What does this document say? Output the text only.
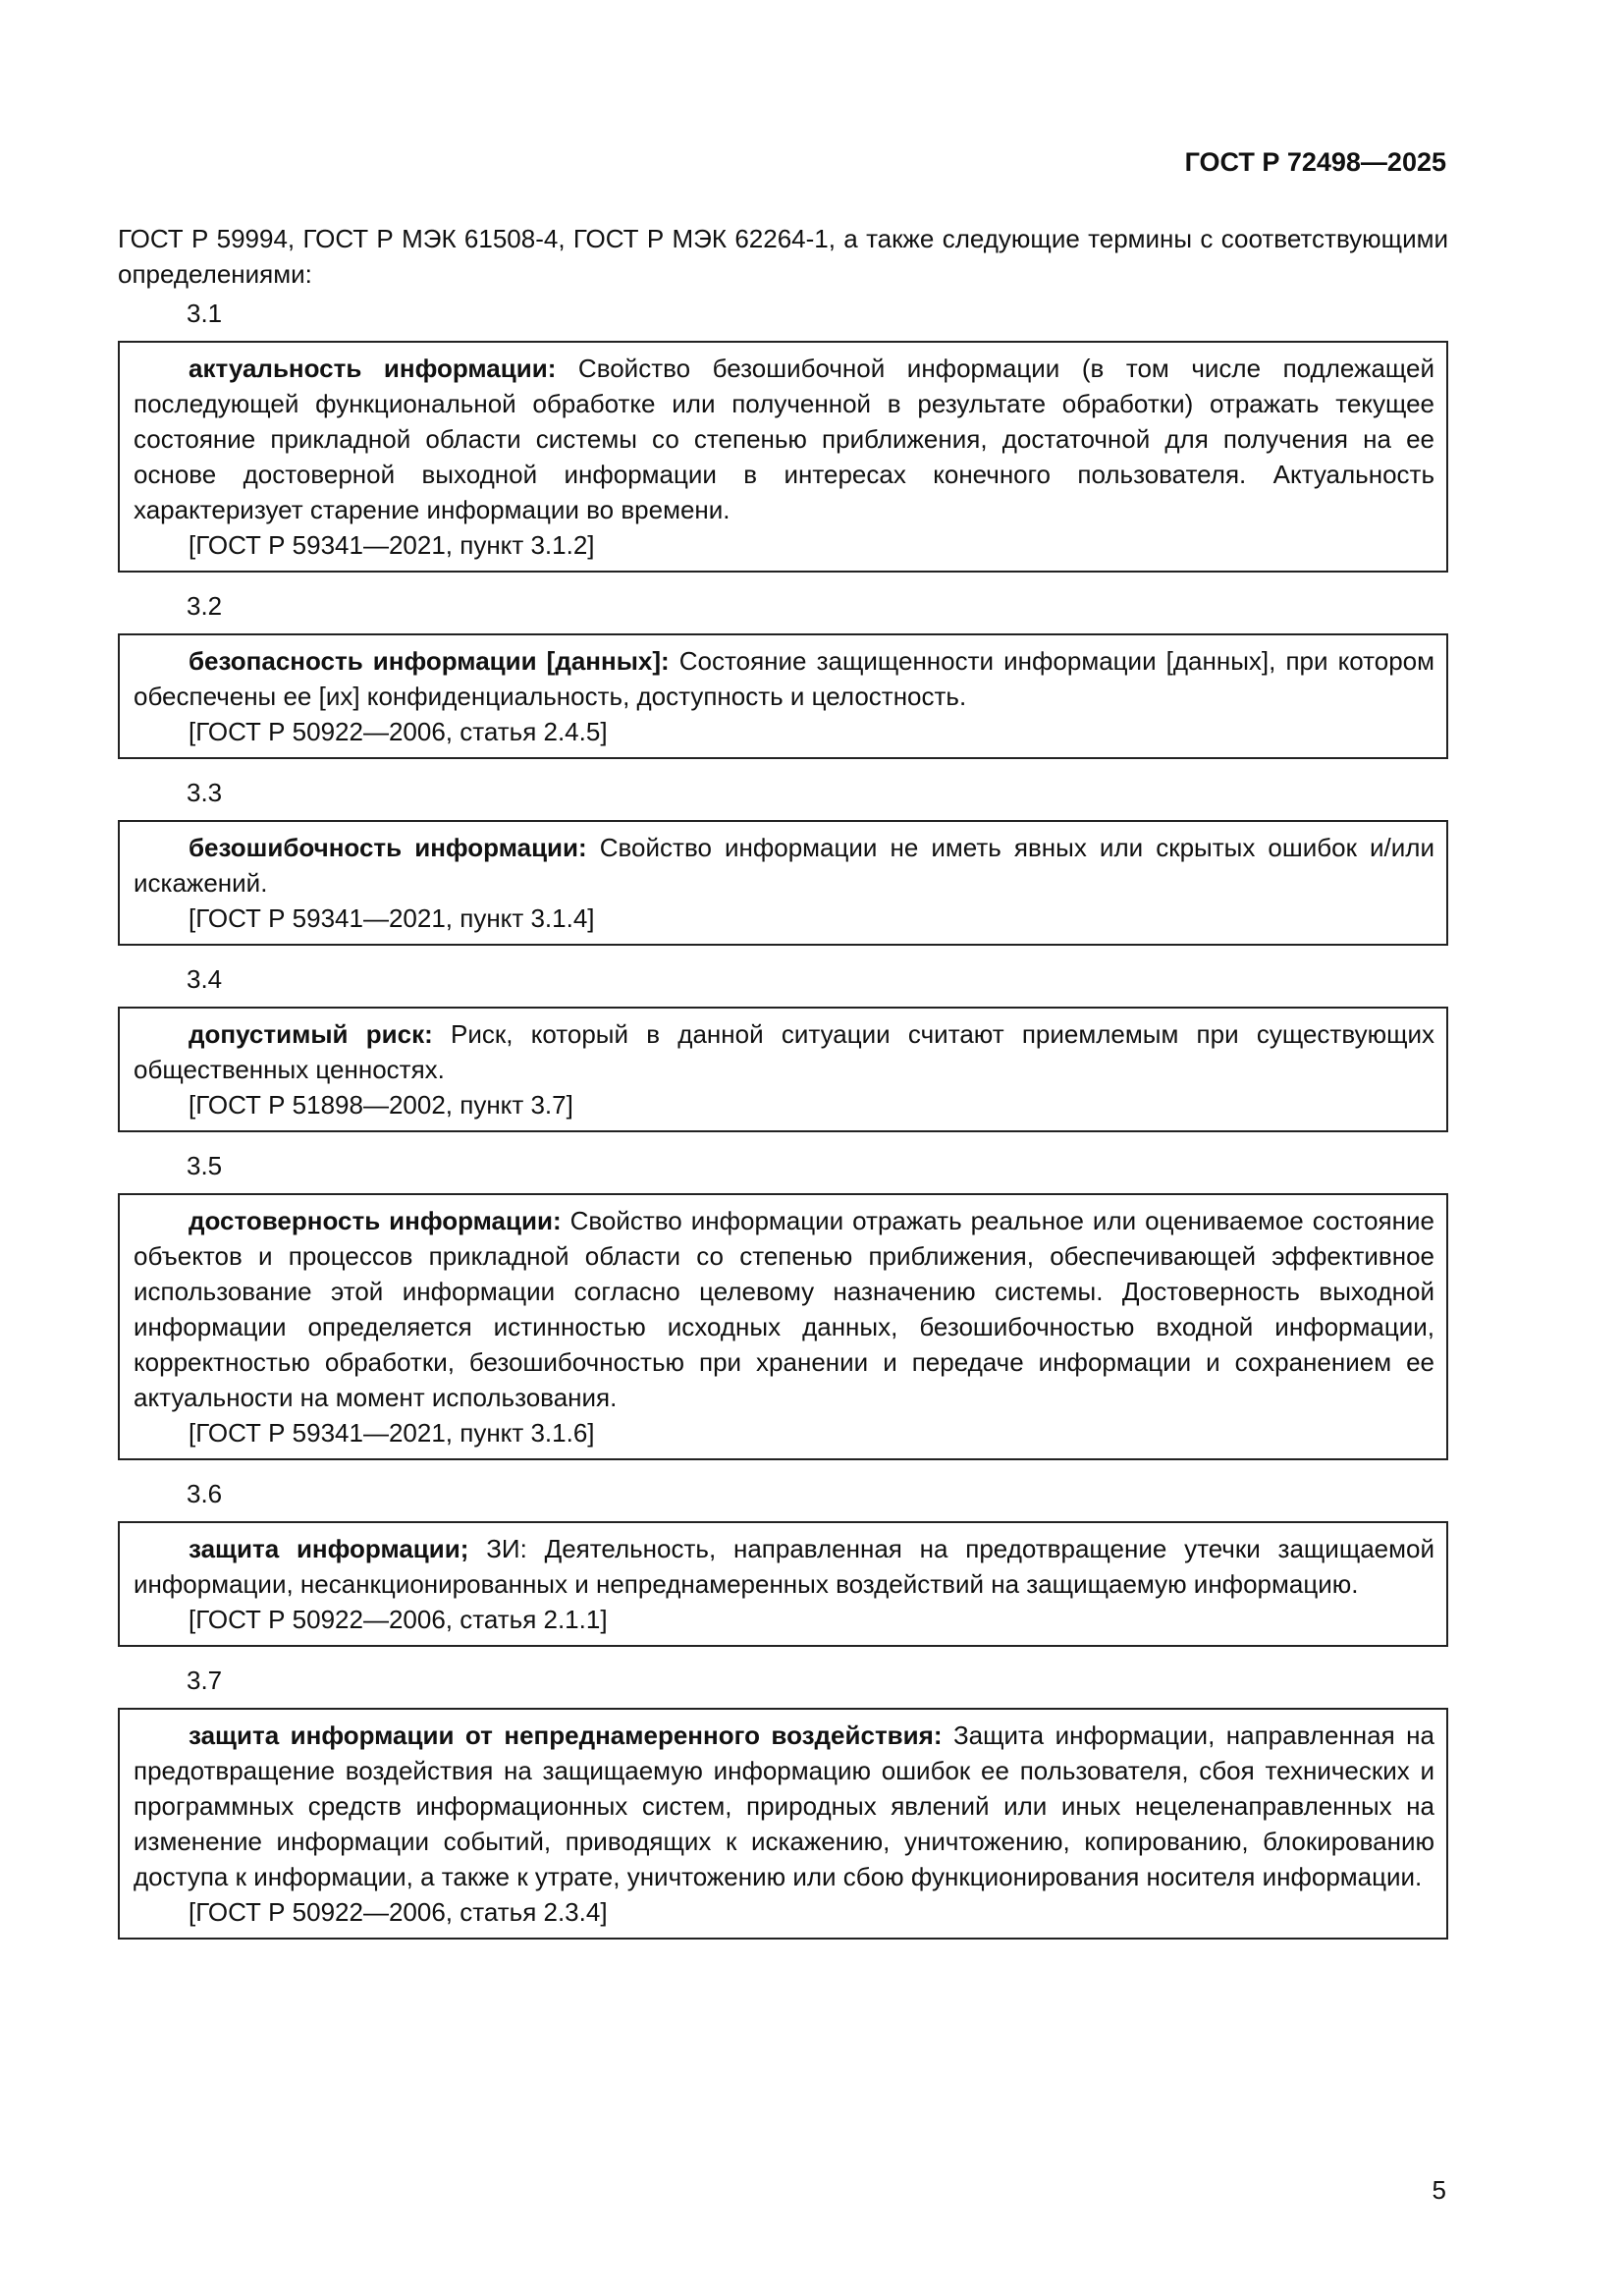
ГОСТ Р 72498—2025

ГОСТ Р 59994, ГОСТ Р МЭК 61508-4, ГОСТ Р МЭК 62264-1, а также следующие термины с соответствующими определениями:

3.1

актуальность информации: Свойство безошибочной информации (в том числе подлежащей последующей функциональной обработке или полученной в результате обработки) отражать текущее состояние прикладной области системы со степенью приближения, достаточной для получения на ее основе достоверной выходной информации в интересах конечного пользователя. Актуальность характеризует старение информации во времени.

[ГОСТ Р 59341—2021, пункт 3.1.2]

3.2

безопасность информации [данных]: Состояние защищенности информации [данных], при котором обеспечены ее [их] конфиденциальность, доступность и целостность.

[ГОСТ Р 50922—2006, статья 2.4.5]

3.3

безошибочность информации: Свойство информации не иметь явных или скрытых ошибок и/или искажений.

[ГОСТ Р 59341—2021, пункт 3.1.4]

3.4

допустимый риск: Риск, который в данной ситуации считают приемлемым при существующих общественных ценностях.

[ГОСТ Р 51898—2002, пункт 3.7]

3.5

достоверность информации: Свойство информации отражать реальное или оцениваемое состояние объектов и процессов прикладной области со степенью приближения, обеспечивающей эффективное использование этой информации согласно целевому назначению системы. Достоверность выходной информации определяется истинностью исходных данных, безошибочностью входной информации, корректностью обработки, безошибочностью при хранении и передаче информации и сохранением ее актуальности на момент использования.

[ГОСТ Р 59341—2021, пункт 3.1.6]

3.6

защита информации; ЗИ: Деятельность, направленная на предотвращение утечки защищаемой информации, несанкционированных и непреднамеренных воздействий на защищаемую информацию.

[ГОСТ Р 50922—2006, статья 2.1.1]

3.7

защита информации от непреднамеренного воздействия: Защита информации, направленная на предотвращение воздействия на защищаемую информацию ошибок ее пользователя, сбоя технических и программных средств информационных систем, природных явлений или иных нецеленаправленных на изменение информации событий, приводящих к искажению, уничтожению, копированию, блокированию доступа к информации, а также к утрате, уничтожению или сбою функционирования носителя информации.

[ГОСТ Р 50922—2006, статья 2.3.4]

5
